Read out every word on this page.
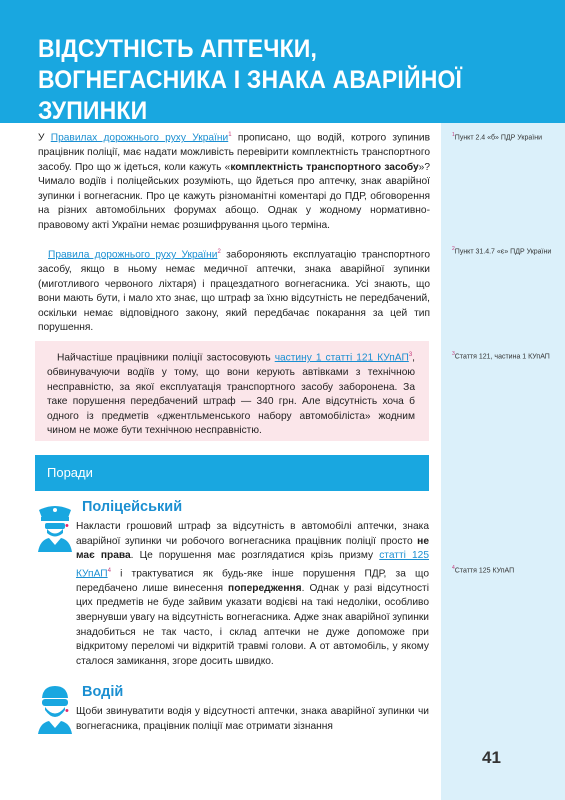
ВІДСУТНІСТЬ АПТЕЧКИ, ВОГНЕГАСНИКА І ЗНАКА АВАРІЙНОЇ ЗУПИНКИ

У Правилах дорожнього руху України$^1$ прописано, що водій, котрого зупинив працівник поліції, має надати можливість перевірити комплектність транспортного засобу. Про що ж ідеться, коли кажуть «комплектність транспортного засобу»? Чимало водіїв і поліцейських розуміють, що йдеться про аптечку, знак аварійної зупинки і вогнегасник. Про це кажуть різноманітні коментарі до ПДР, обговорення на різних автомобільних форумах абощо. Однак у жодному нормативно-правовому акті України немає розшифрування цього терміна.

Правила дорожнього руху України$^2$ забороняють експлуатацію транспортного засобу, якщо в ньому немає медичної аптечки, знака аварійної зупинки (миготливого червоного ліхтаря) і працездатного вогнегасника. Усі знають, що вони мають бути, і мало хто знає, що штраф за їхню відсутність не передбачений, оскільки немає відповідного закону, який передбачає покарання за цей тип порушення.

Найчастіше працівники поліції застосовують частину 1 статті 121 КУпАП$^3$, обвинувачуючи водіїв у тому, що вони керують автівками з технічною несправністю, за якої експлуатація транспортного засобу заборонена. За таке порушення передбачений штраф — 340 грн. Але відсутність хоча б одного із предметів «джентльменського набору автомобіліста» жодним чином не може бути технічною несправністю.

Поради
Поліцейський
• Накласти грошовий штраф за відсутність в автомобілі аптечки, знака аварійної зупинки чи робочого вогнегасника працівник поліції просто не має права. Це порушення має розглядатися крізь призму статті 125 КУпАП$^4$ і трактуватися як будь-яке інше порушення ПДР, за що передбачено лише винесення попередження. Однак у разі відсутності цих предметів не буде зайвим указати водієві на такі недоліки, особливо звернувши увагу на відсутність вогнегасника. Адже знак аварійної зупинки знадобиться не так часто, і склад аптечки не дуже допоможе при відкритому переломі чи відкритій травмі голови. А от автомобіль, у якому сталося замикання, згоре досить швидко.

Водій
• Щоби звинуватити водія у відсутності аптечки, знака аварійної зупинки чи вогнегасника, працівник поліції має отримати зізнання

$^1$Пункт 2.4 «б» ПДР України
$^2$Пункт 31.4.7 «є» ПДР України
$^3$Стаття 121, частина 1 КУпАП
$^4$Стаття 125 КУпАП
41
